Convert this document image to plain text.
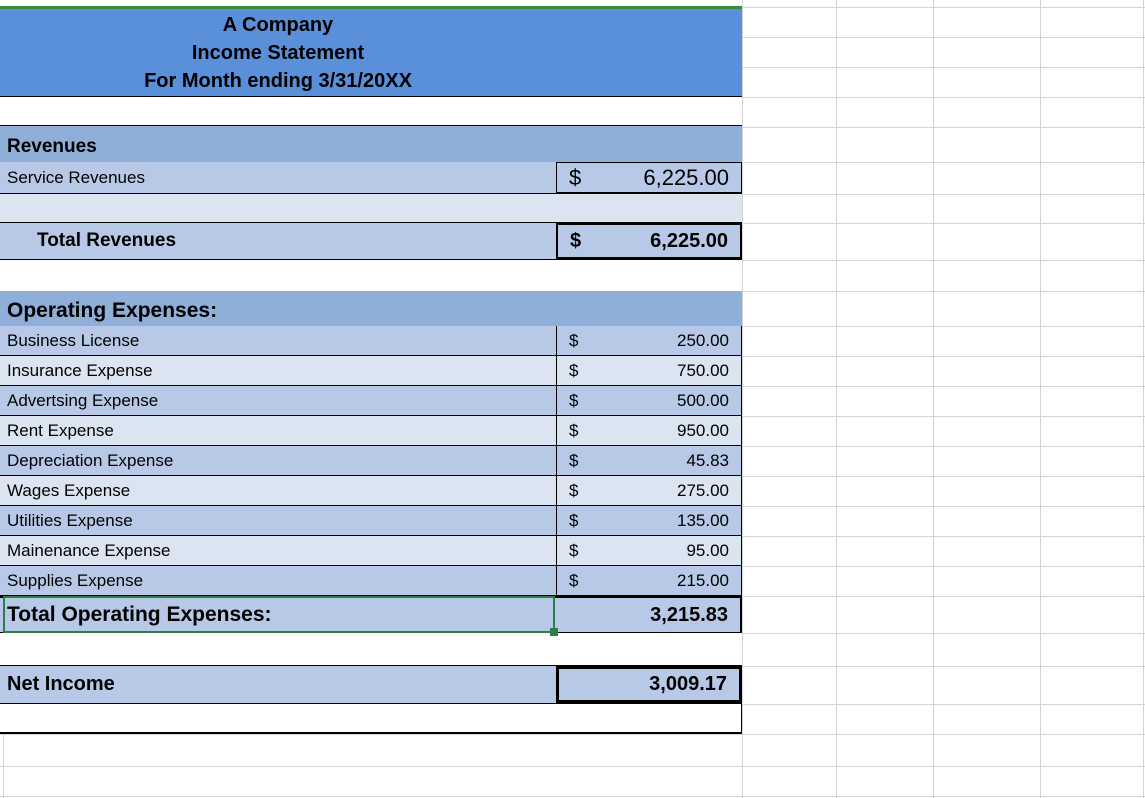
A Company
Income Statement
For Month ending 3/31/20XX
Revenues
Service Revenues	$	6,225.00
Total Revenues	$	6,225.00
Operating Expenses:
Business License	$	250.00
Insurance Expense	$	750.00
Advertsing Expense	$	500.00
Rent Expense	$	950.00
Depreciation Expense	$	45.83
Wages Expense	$	275.00
Utilities Expense	$	135.00
Mainenance Expense	$	95.00
Supplies Expense	$	215.00
Total Operating Expenses:	3,215.83
Net Income	3,009.17
